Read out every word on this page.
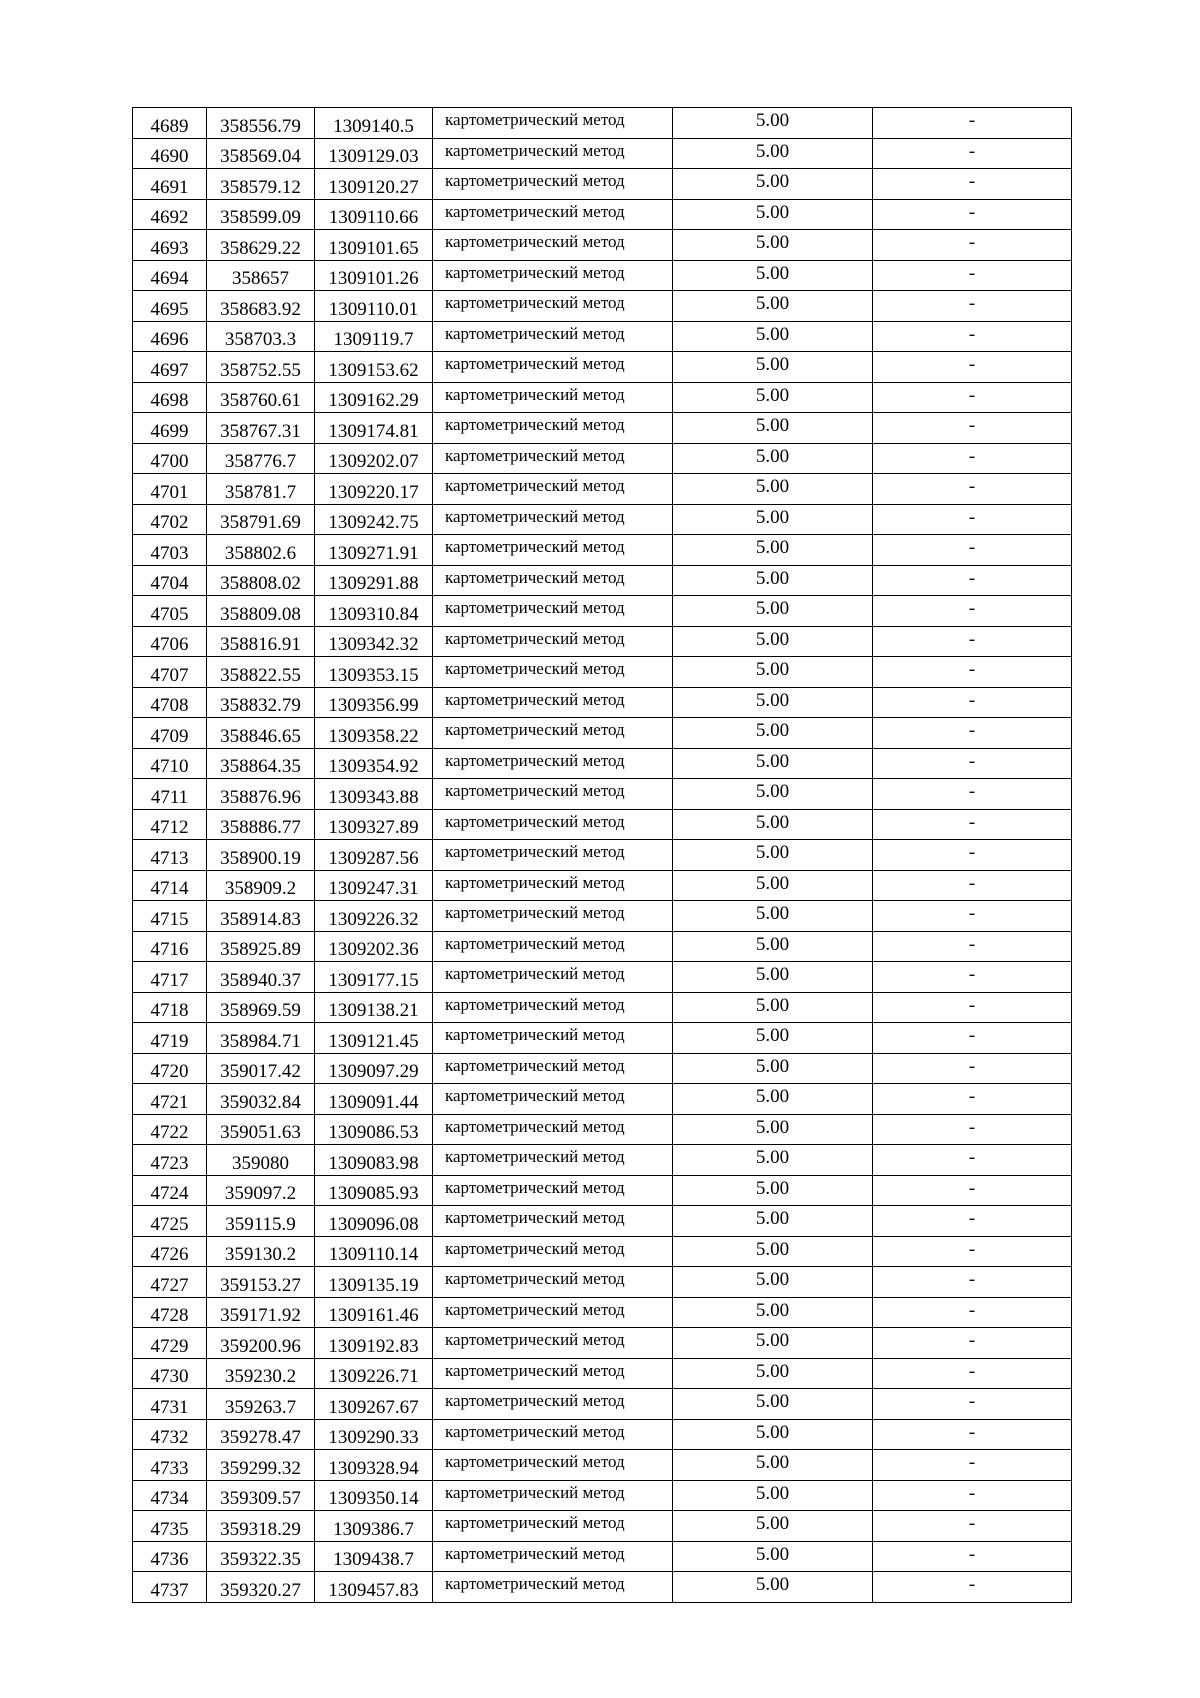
4689	358556.79	1309140.5	картометрический метод	5.00	-
4690	358569.04	1309129.03	картометрический метод	5.00	-
4691	358579.12	1309120.27	картометрический метод	5.00	-
4692	358599.09	1309110.66	картометрический метод	5.00	-
4693	358629.22	1309101.65	картометрический метод	5.00	-
4694	358657	1309101.26	картометрический метод	5.00	-
4695	358683.92	1309110.01	картометрический метод	5.00	-
4696	358703.3	1309119.7	картометрический метод	5.00	-
4697	358752.55	1309153.62	картометрический метод	5.00	-
4698	358760.61	1309162.29	картометрический метод	5.00	-
4699	358767.31	1309174.81	картометрический метод	5.00	-
4700	358776.7	1309202.07	картометрический метод	5.00	-
4701	358781.7	1309220.17	картометрический метод	5.00	-
4702	358791.69	1309242.75	картометрический метод	5.00	-
4703	358802.6	1309271.91	картометрический метод	5.00	-
4704	358808.02	1309291.88	картометрический метод	5.00	-
4705	358809.08	1309310.84	картометрический метод	5.00	-
4706	358816.91	1309342.32	картометрический метод	5.00	-
4707	358822.55	1309353.15	картометрический метод	5.00	-
4708	358832.79	1309356.99	картометрический метод	5.00	-
4709	358846.65	1309358.22	картометрический метод	5.00	-
4710	358864.35	1309354.92	картометрический метод	5.00	-
4711	358876.96	1309343.88	картометрический метод	5.00	-
4712	358886.77	1309327.89	картометрический метод	5.00	-
4713	358900.19	1309287.56	картометрический метод	5.00	-
4714	358909.2	1309247.31	картометрический метод	5.00	-
4715	358914.83	1309226.32	картометрический метод	5.00	-
4716	358925.89	1309202.36	картометрический метод	5.00	-
4717	358940.37	1309177.15	картометрический метод	5.00	-
4718	358969.59	1309138.21	картометрический метод	5.00	-
4719	358984.71	1309121.45	картометрический метод	5.00	-
4720	359017.42	1309097.29	картометрический метод	5.00	-
4721	359032.84	1309091.44	картометрический метод	5.00	-
4722	359051.63	1309086.53	картометрический метод	5.00	-
4723	359080	1309083.98	картометрический метод	5.00	-
4724	359097.2	1309085.93	картометрический метод	5.00	-
4725	359115.9	1309096.08	картометрический метод	5.00	-
4726	359130.2	1309110.14	картометрический метод	5.00	-
4727	359153.27	1309135.19	картометрический метод	5.00	-
4728	359171.92	1309161.46	картометрический метод	5.00	-
4729	359200.96	1309192.83	картометрический метод	5.00	-
4730	359230.2	1309226.71	картометрический метод	5.00	-
4731	359263.7	1309267.67	картометрический метод	5.00	-
4732	359278.47	1309290.33	картометрический метод	5.00	-
4733	359299.32	1309328.94	картометрический метод	5.00	-
4734	359309.57	1309350.14	картометрический метод	5.00	-
4735	359318.29	1309386.7	картометрический метод	5.00	-
4736	359322.35	1309438.7	картометрический метод	5.00	-
4737	359320.27	1309457.83	картометрический метод	5.00	-
